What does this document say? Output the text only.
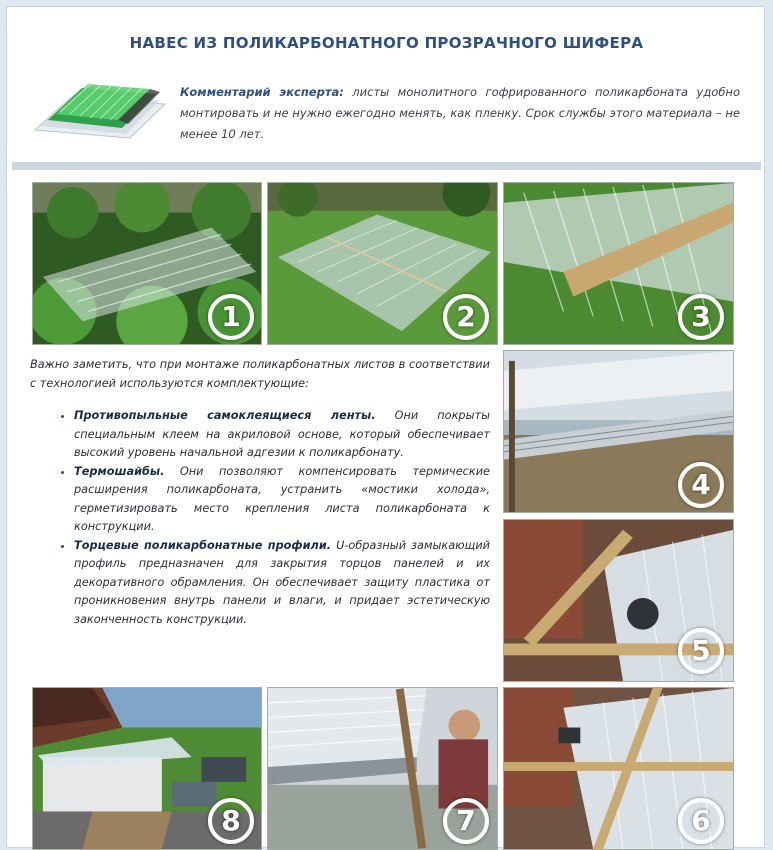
НАВЕС ИЗ ПОЛИКАРБОНАТНОГО ПРОЗРАЧНОГО ШИФЕРА
Комментарий эксперта: листы монолитного гофрированного поликарбоната удобно монтировать и не нужно ежегодно менять, как пленку. Срок службы этого материала – не менее 10 лет.
1	2	3
4
5
8	7	6

Важно заметить, что при монтаже поликарбонатных листов в соответствии с технологией используются комплектующие:

• Противопыльные самоклеящиеся ленты. Они покрыты специальным клеем на акриловой основе, который обеспечивает высокий уровень начальной адгезии к поликарбонату.
• Термошайбы. Они позволяют компенсировать термические расширения поликарбоната, устранить «мостики холода», герметизировать место крепления листа поликарбоната к конструкции.
• Торцевые поликарбонатные профили. U-образный замыкающий профиль предназначен для закрытия торцов панелей и их декоративного обрамления. Он обеспечивает защиту пластика от проникновения внутрь панели и влаги, и придает эстетическую законченность конструкции.
